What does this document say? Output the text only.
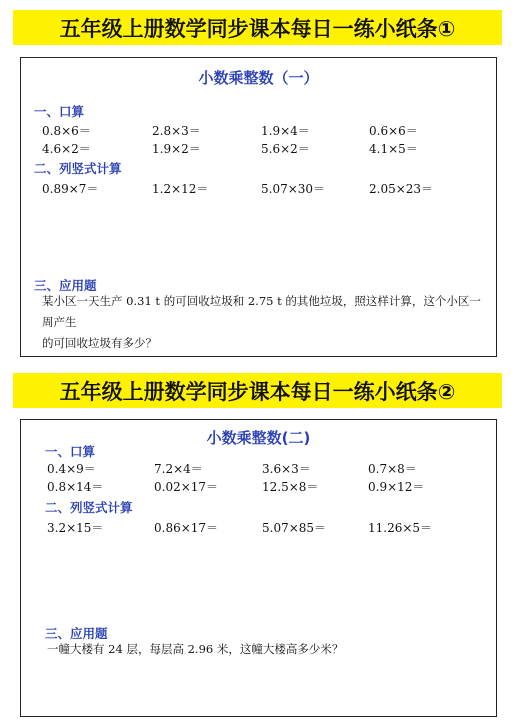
五年级上册数学同步课本每日一练小纸条①
小数乘整数（一）
一、口算
0.8×6＝	2.8×3＝	1.9×4＝	0.6×6＝
4.6×2＝	1.9×2＝	5.6×2＝	4.1×5＝
二、列竖式计算
0.89×7＝	1.2×12＝	5.07×30＝	2.05×23＝
三、应用题
某小区一天生产 0.31 t 的可回收垃圾和 2.75 t 的其他垃圾，照这样计算，这个小区一周产生
的可回收垃圾有多少？
五年级上册数学同步课本每日一练小纸条②
小数乘整数(二)
一、口算
0.4×9＝	7.2×4＝	3.6×3＝	0.7×8＝
0.8×14＝	0.02×17＝	12.5×8＝	0.9×12＝
二、列竖式计算
3.2×15＝	0.86×17＝	5.07×85＝	11.26×5＝
三、应用题
一幢大楼有 24 层，每层高 2.96 米，这幢大楼高多少米？
